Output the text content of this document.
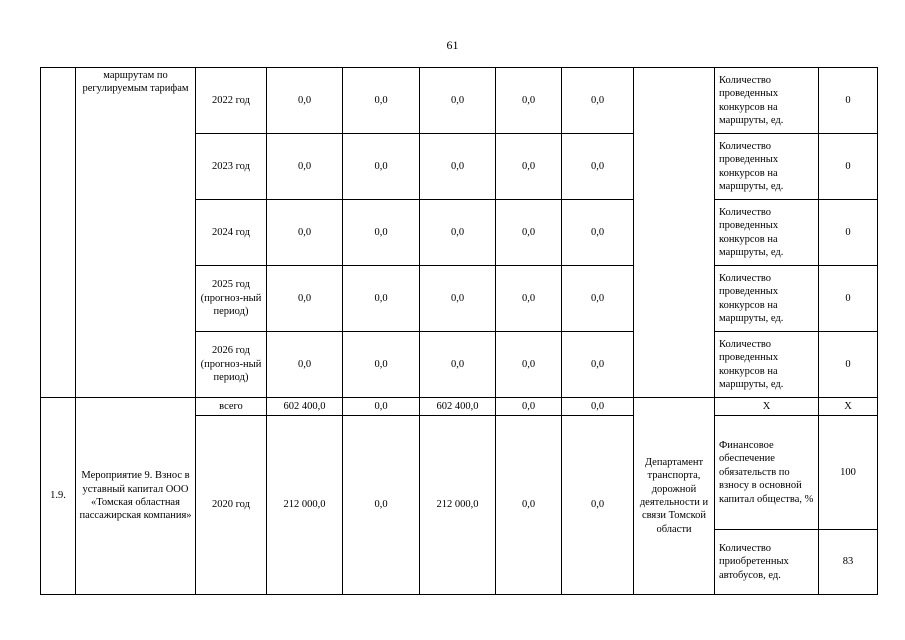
61
	маршрутам по регулируемым тарифам	2022 год	0,0	0,0	0,0	0,0	0,0		Количество проведенных конкурсов на маршруты, ед.	0
		2023 год	0,0	0,0	0,0	0,0	0,0		Количество проведенных конкурсов на маршруты, ед.	0
		2024 год	0,0	0,0	0,0	0,0	0,0		Количество проведенных конкурсов на маршруты, ед.	0
		2025 год (прогноз-ный период)	0,0	0,0	0,0	0,0	0,0		Количество проведенных конкурсов на маршруты, ед.	0
		2026 год (прогноз-ный период)	0,0	0,0	0,0	0,0	0,0		Количество проведенных конкурсов на маршруты, ед.	0
1.9.	Мероприятие 9. Взнос в уставный капитал ООО «Томская областная пассажирская компания»	всего	602 400,0	0,0	602 400,0	0,0	0,0	Департамент транспорта, дорожной деятельности и связи Томской области	Х	Х
		2020 год	212 000,0	0,0	212 000,0	0,0	0,0		Финансовое обеспечение обязательств по взносу в основной капитал общества, %	100
									Количество приобретенных автобусов, ед.	83
